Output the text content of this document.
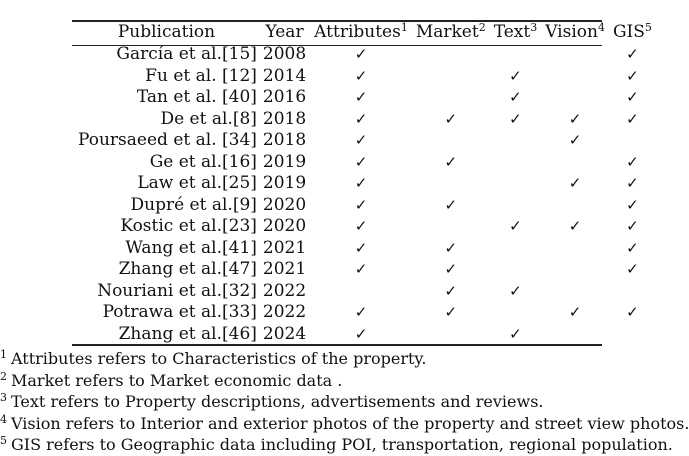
Publication	Year	Attributes$^1$	Market$^2$	Text$^3$	Vision$^4$	GIS$^5$
García et al.[15]	2008	✓				✓
Fu et al. [12]	2014	✓		✓		✓
Tan et al. [40]	2016	✓		✓		✓
De et al.[8]	2018	✓	✓	✓	✓	✓
Poursaeed et al. [34]	2018	✓			✓	
Ge et al.[16]	2019	✓	✓			✓
Law et al.[25]	2019	✓			✓	✓
Dupré et al.[9]	2020	✓	✓			✓
Kostic et al.[23]	2020	✓		✓	✓	✓
Wang et al.[41]	2021	✓	✓			✓
Zhang et al.[47]	2021	✓	✓			✓
Nouriani et al.[32]	2022		✓	✓		
Potrawa et al.[33]	2022	✓	✓		✓	✓
Zhang et al.[46]	2024	✓		✓		
$^1$ Attributes refers to Characteristics of the property.
$^2$ Market refers to Market economic data .
$^3$ Text refers to Property descriptions, advertisements and reviews.
$^4$ Vision refers to Interior and exterior photos of the property and street view photos.
$^5$ GIS refers to Geographic data including POI, transportation, regional population.
